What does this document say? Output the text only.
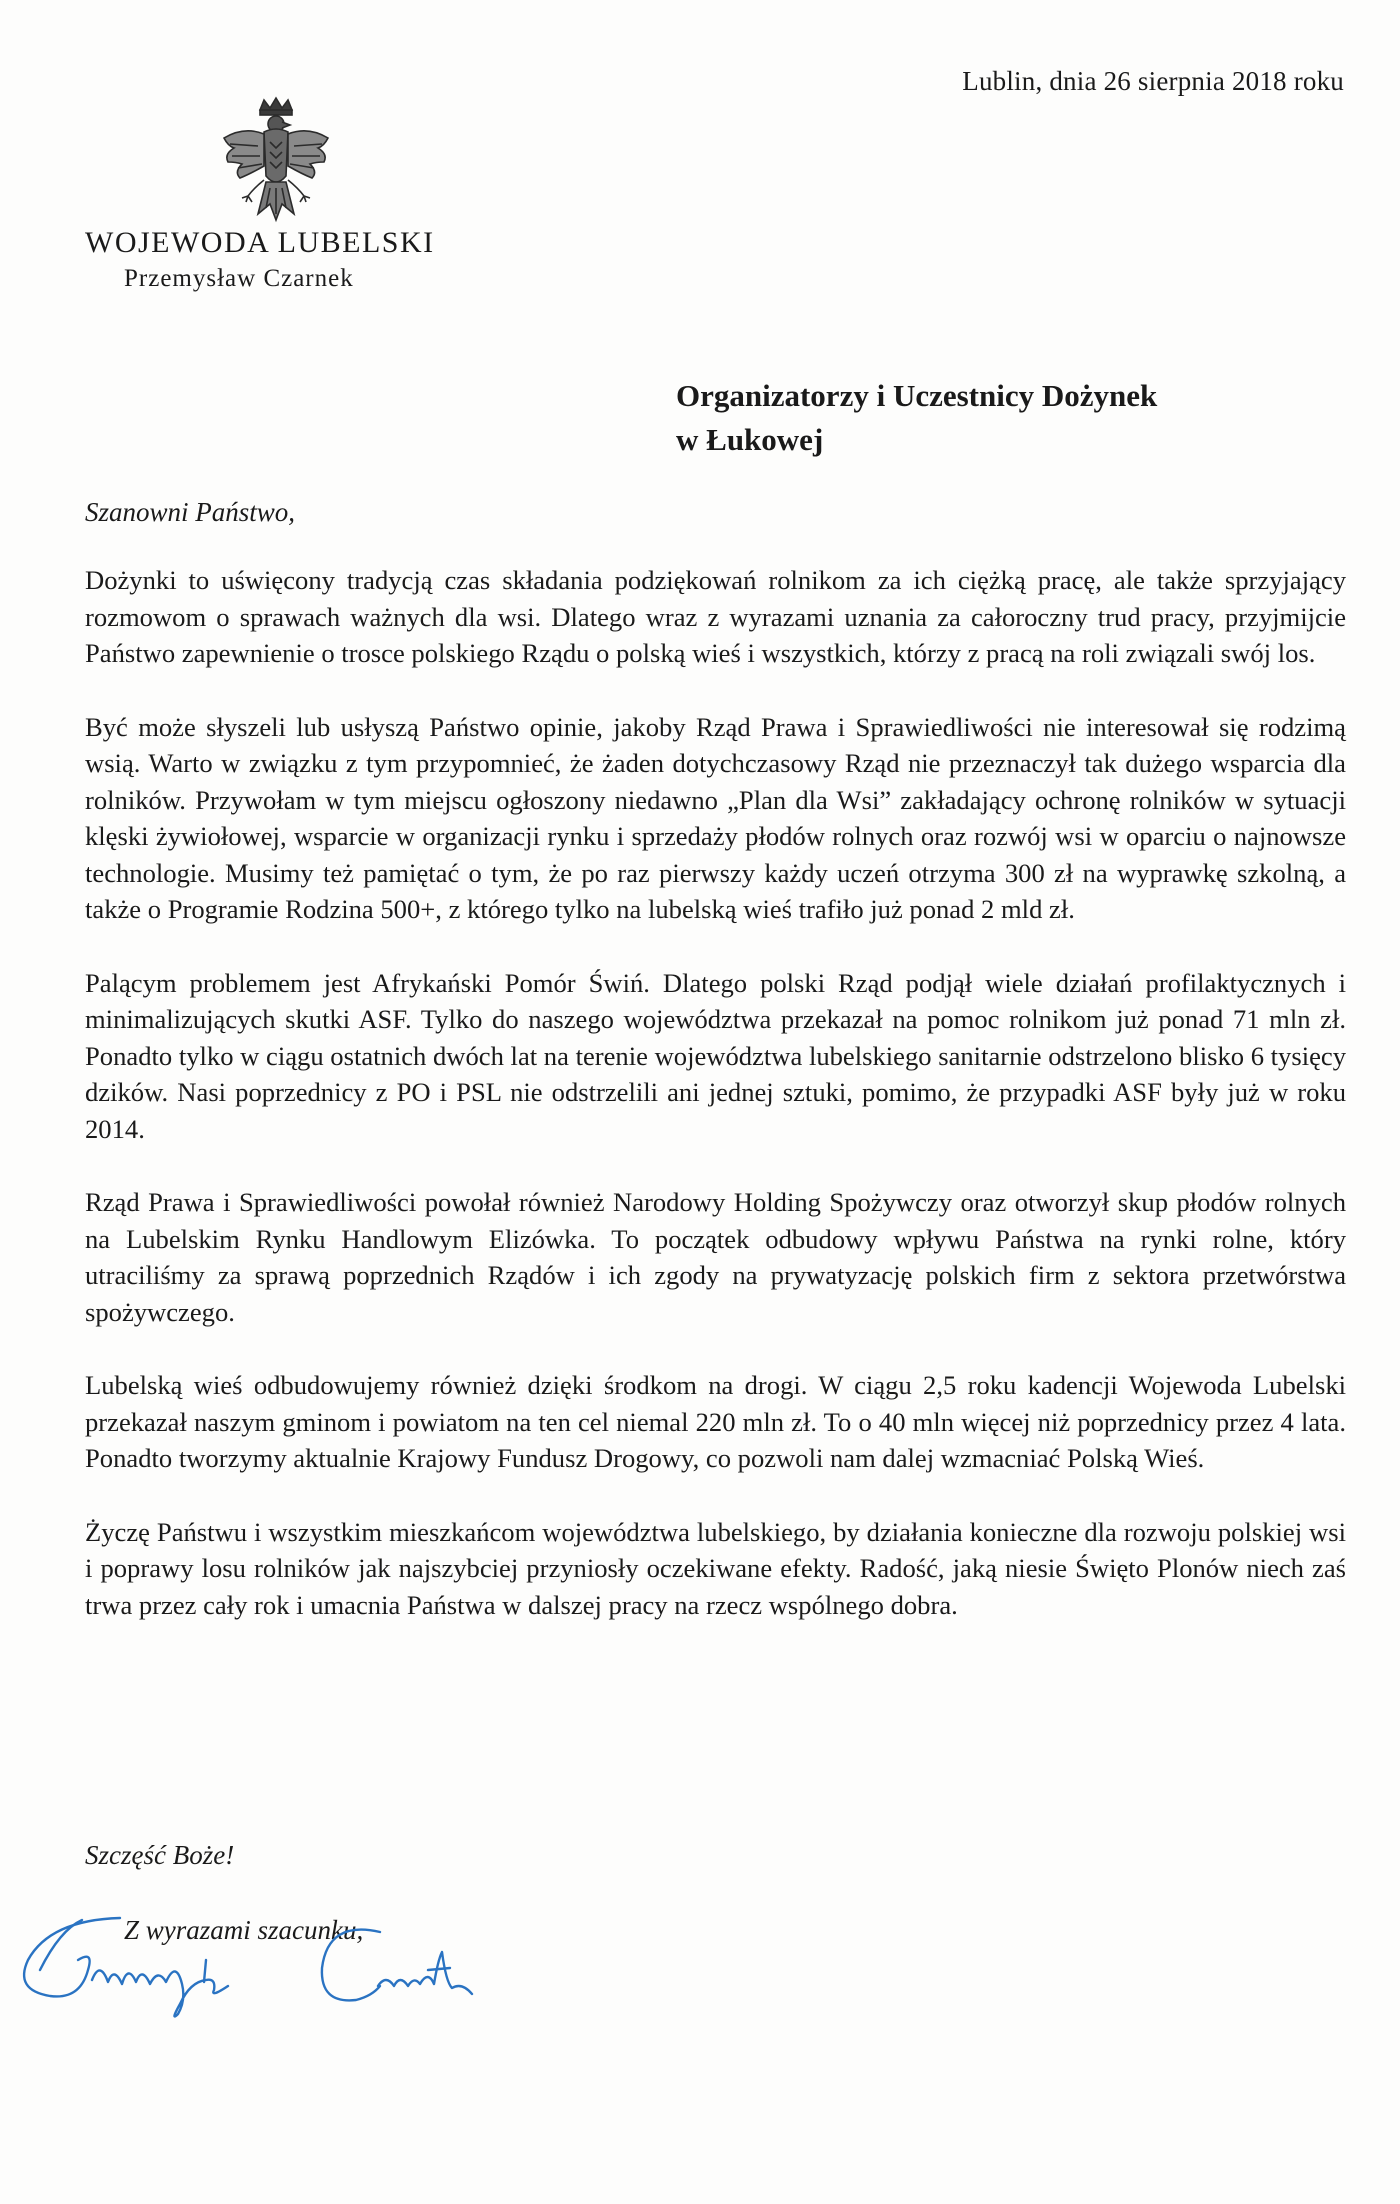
Lublin, dnia 26 sierpnia 2018 roku
WOJEWODA LUBELSKI
Przemysław Czarnek
Organizatorzy i Uczestnicy Dożynek
w Łukowej
Szanowni Państwo,

Dożynki to uświęcony tradycją czas składania podziękowań rolnikom za ich ciężką pracę, ale także sprzyjający rozmowom o sprawach ważnych dla wsi. Dlatego wraz z wyrazami uznania za całoroczny trud pracy, przyjmijcie Państwo zapewnienie o trosce polskiego Rządu o polską wieś i wszystkich, którzy z pracą na roli związali swój los.

Być może słyszeli lub usłyszą Państwo opinie, jakoby Rząd Prawa i Sprawiedliwości nie interesował się rodzimą wsią. Warto w związku z tym przypomnieć, że żaden dotychczasowy Rząd nie przeznaczył tak dużego wsparcia dla rolników. Przywołam w tym miejscu ogłoszony niedawno „Plan dla Wsi” zakładający ochronę rolników w sytuacji klęski żywiołowej, wsparcie w organizacji rynku i sprzedaży płodów rolnych oraz rozwój wsi w oparciu o najnowsze technologie. Musimy też pamiętać o tym, że po raz pierwszy każdy uczeń otrzyma 300 zł na wyprawkę szkolną, a także o Programie Rodzina 500+, z którego tylko na lubelską wieś trafiło już ponad 2 mld zł.

Palącym problemem jest Afrykański Pomór Świń. Dlatego polski Rząd podjął wiele działań profilaktycznych i minimalizujących skutki ASF. Tylko do naszego województwa przekazał na pomoc rolnikom już ponad 71 mln zł. Ponadto tylko w ciągu ostatnich dwóch lat na terenie województwa lubelskiego sanitarnie odstrzelono blisko 6 tysięcy dzików. Nasi poprzednicy z PO i PSL nie odstrzelili ani jednej sztuki, pomimo, że przypadki ASF były już w roku 2014.

Rząd Prawa i Sprawiedliwości powołał również Narodowy Holding Spożywczy oraz otworzył skup płodów rolnych na Lubelskim Rynku Handlowym Elizówka. To początek odbudowy wpływu Państwa na rynki rolne, który utraciliśmy za sprawą poprzednich Rządów i ich zgody na prywatyzację polskich firm z sektora przetwórstwa spożywczego.

Lubelską wieś odbudowujemy również dzięki środkom na drogi. W ciągu 2,5 roku kadencji Wojewoda Lubelski przekazał naszym gminom i powiatom na ten cel niemal 220 mln zł. To o 40 mln więcej niż poprzednicy przez 4 lata. Ponadto tworzymy aktualnie Krajowy Fundusz Drogowy, co pozwoli nam dalej wzmacniać Polską Wieś.

Życzę Państwu i wszystkim mieszkańcom województwa lubelskiego, by działania konieczne dla rozwoju polskiej wsi i poprawy losu rolników jak najszybciej przyniosły oczekiwane efekty. Radość, jaką niesie Święto Plonów niech zaś trwa przez cały rok i umacnia Państwa w dalszej pracy na rzecz wspólnego dobra.

Szczęść Boże!
Z wyrazami szacunku,
